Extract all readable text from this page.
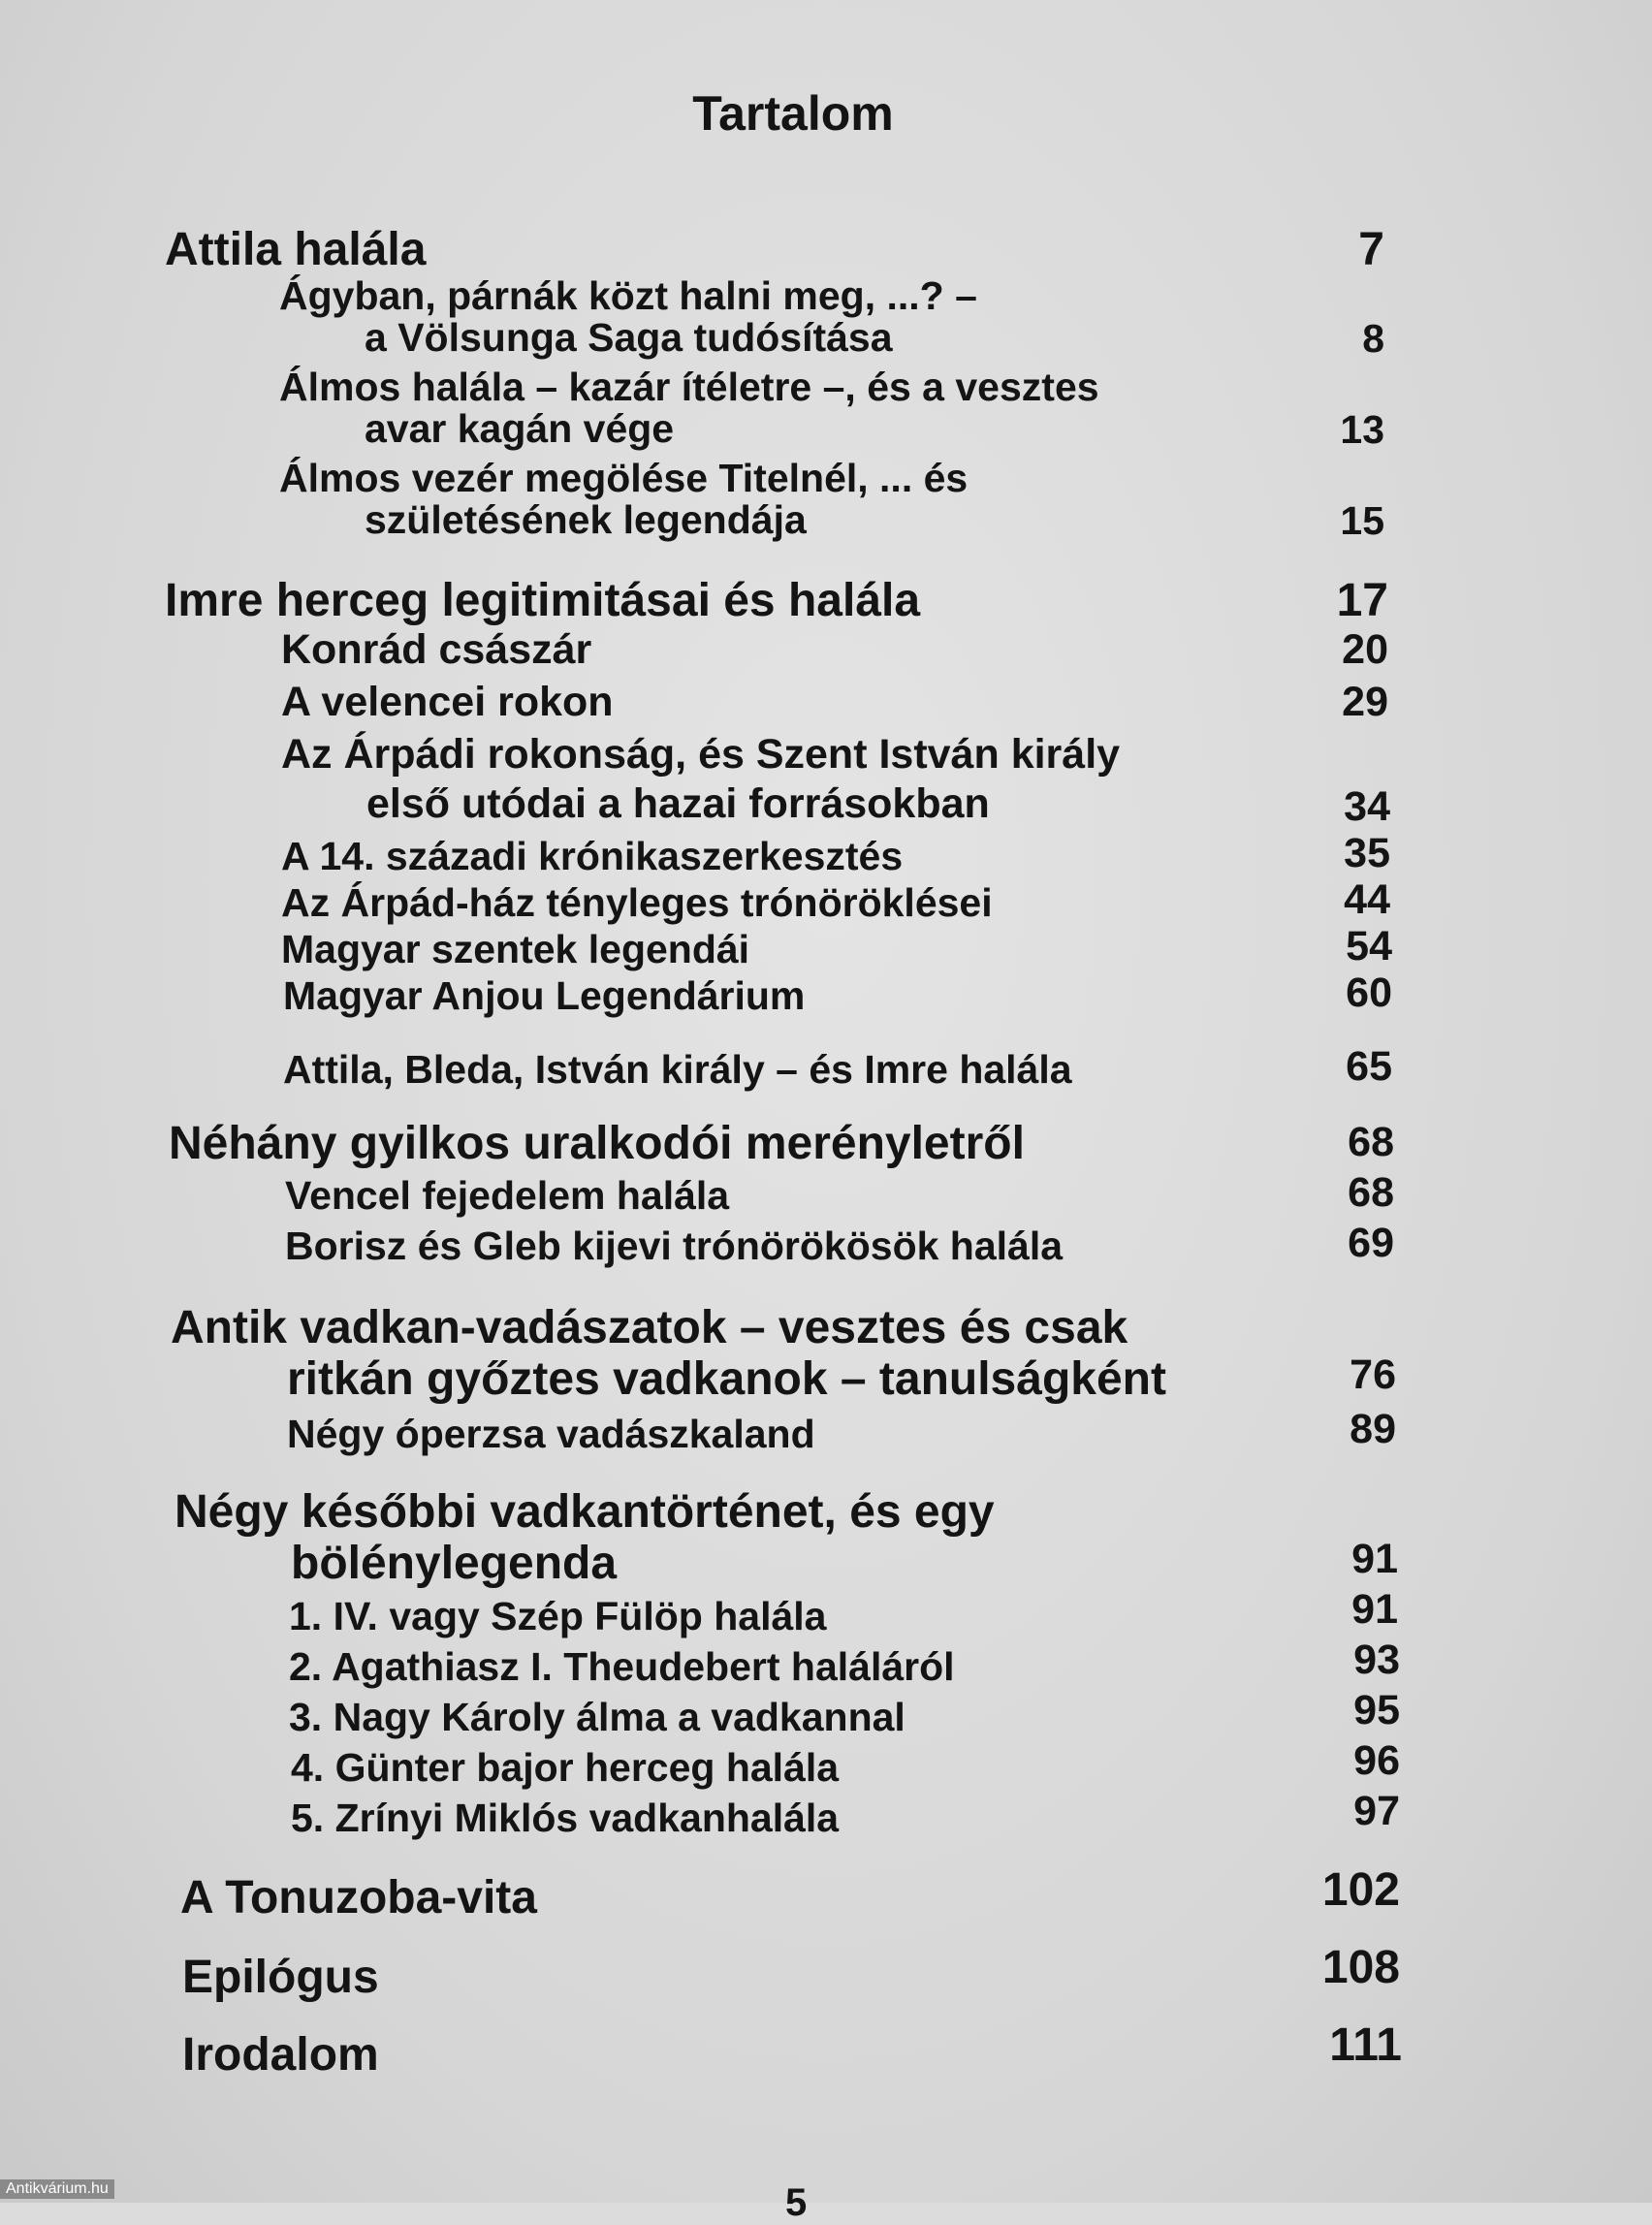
Tartalom
Attila halála	7
Ágyban, párnák közt halni meg, ...? –
a Völsunga Saga tudósítása	8
Álmos halála – kazár ítéletre –, és a vesztes
avar kagán vége	13
Álmos vezér megölése Titelnél, ... és
születésének legendája	15
Imre herceg legitimitásai és halála	17
Konrád császár	20
A velencei rokon	29
Az Árpádi rokonság, és Szent István király
első utódai a hazai forrásokban	34
A 14. századi krónikaszerkesztés	35
Az Árpád-ház tényleges trónöröklései	44
Magyar szentek legendái	54
Magyar Anjou Legendárium	60
Attila, Bleda, István király – és Imre halála	65
Néhány gyilkos uralkodói merényletről	68
Vencel fejedelem halála	68
Borisz és Gleb kijevi trónörökösök halála	69
Antik vadkan-vadászatok – vesztes és csak
ritkán győztes vadkanok – tanulságként	76
Négy óperzsa vadászkaland	89
Négy későbbi vadkantörténet, és egy
bölénylegenda	91
1. IV. vagy Szép Fülöp halála	91
2. Agathiasz I. Theudebert haláláról	93
3. Nagy Károly álma a vadkannal	95
4. Günter bajor herceg halála	96
5. Zrínyi Miklós vadkanhalála	97
A Tonuzoba-vita	102
Epilógus	108
Irodalom	111
5
Antikvárium.hu
